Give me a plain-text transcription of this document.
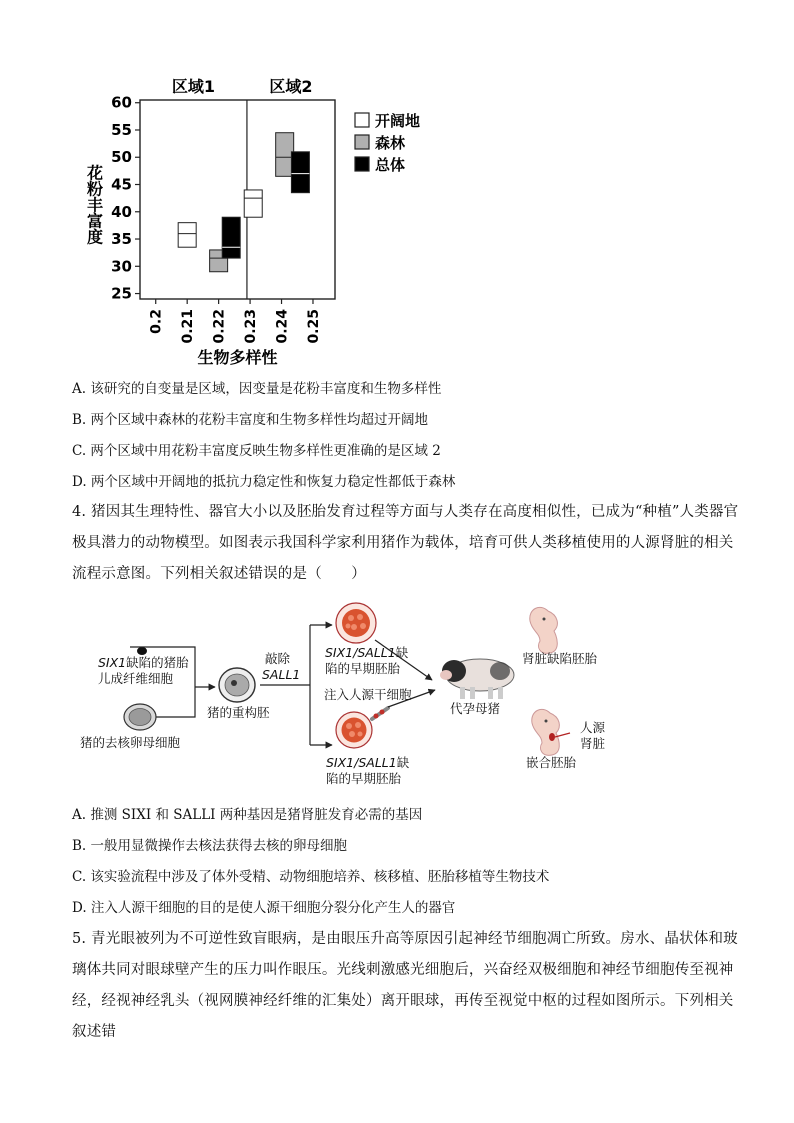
区域1	区域2
60
55
50
45
40
35
30
25
0.2 0.21 0.22 0.23 0.24 0.25
生物多样性
花粉丰富度
开阔地
森林
总体
A. 该研究的自变量是区域，因变量是花粉丰富度和生物多样性
B. 两个区域中森林的花粉丰富度和生物多样性均超过开阔地
C. 两个区域中用花粉丰富度反映生物多样性更准确的是区域 2
D. 两个区域中开阔地的抵抗力稳定性和恢复力稳定性都低于森林
4. 猪因其生理特性、器官大小以及胚胎发育过程等方面与人类存在高度相似性，已成为“种植”人类器官极具潜力的动物模型。如图表示我国科学家利用猪作为载体，培育可供人类移植使用的人源肾脏的相关流程示意图。下列相关叙述错误的是（　　）
SIX1缺陷的猪胎
儿成纤维细胞
猪的去核卵母细胞
猪的重构胚
敲除
SALL1
SIX1/SALL1缺
陷的早期胚胎
注入人源干细胞
SIX1/SALL1缺
陷的早期胚胎
代孕母猪
肾脏缺陷胚胎
人源
肾脏
嵌合胚胎
A. 推测 SIXI 和 SALLI 两种基因是猪肾脏发育必需的基因
B. 一般用显微操作去核法获得去核的卵母细胞
C. 该实验流程中涉及了体外受精、动物细胞培养、核移植、胚胎移植等生物技术
D. 注入人源干细胞的目的是使人源干细胞分裂分化产生人的器官
5. 青光眼被列为不可逆性致盲眼病，是由眼压升高等原因引起神经节细胞凋亡所致。房水、晶状体和玻璃体共同对眼球壁产生的压力叫作眼压。光线刺激感光细胞后，兴奋经双极细胞和神经节细胞传至视神经，经视神经乳头（视网膜神经纤维的汇集处）离开眼球，再传至视觉中枢的过程如图所示。下列相关叙述错
